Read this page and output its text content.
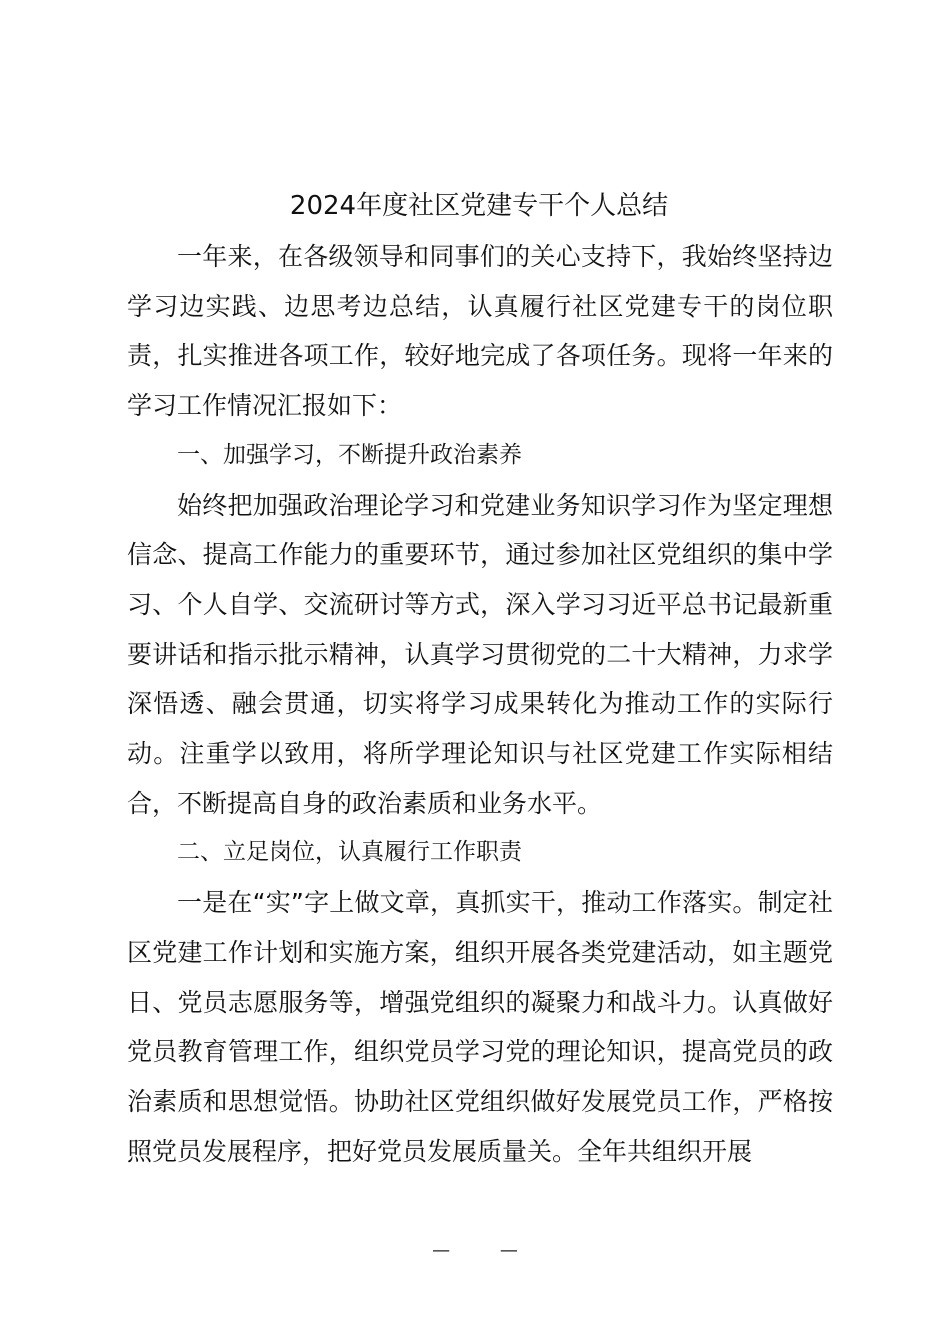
2024年度社区党建专干个人总结

一年来，在各级领导和同事们的关心支持下，我始终坚持边学习边实践、边思考边总结，认真履行社区党建专干的岗位职责，扎实推进各项工作，较好地完成了各项任务。现将一年来的学习工作情况汇报如下：

一、加强学习，不断提升政治素养

始终把加强政治理论学习和党建业务知识学习作为坚定理想信念、提高工作能力的重要环节，通过参加社区党组织的集中学习、个人自学、交流研讨等方式，深入学习习近平总书记最新重要讲话和指示批示精神，认真学习贯彻党的二十大精神，力求学深悟透、融会贯通，切实将学习成果转化为推动工作的实际行动。注重学以致用，将所学理论知识与社区党建工作实际相结合，不断提高自身的政治素质和业务水平。

二、立足岗位，认真履行工作职责

一是在“实”字上做文章，真抓实干，推动工作落实。制定社区党建工作计划和实施方案，组织开展各类党建活动，如主题党日、党员志愿服务等，增强党组织的凝聚力和战斗力。认真做好党员教育管理工作，组织党员学习党的理论知识，提高党员的政治素质和思想觉悟。协助社区党组织做好发展党员工作，严格按照党员发展程序，把好党员发展质量关。全年共组织开展

— —
